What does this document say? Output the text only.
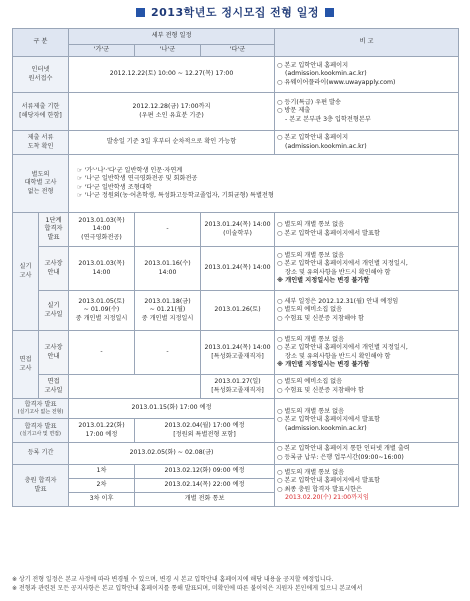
2013학년도 정시모집 전형 일정
구 분		세부 전형 일정			비 고
		'가'군	'나'군	'다'군	
인터넷
원서접수		2012.12.22(토) 10:00 ~ 12.27(목) 17:00			○ 본교 입학안내 홈페이지
(admission.kookmin.ac.kr)
○ 유웨이어플라이(www.uwayapply.com)

서류제출 기한
[해당자에 한함]		2012.12.28(금) 17:00까지
(우편 소인 유효분 기준)			○ 등기(특급) 우편 발송
○ 방문 제출
- 본교 본부관 3층 입학전형본부

제출 서류
도착 확인		발송일 기준 3일 후부터 순차적으로 확인 가능함			○ 본교 입학안내 홈페이지
(admission.kookmin.ac.kr)

별도의
대학별 고사
없는 전형		☞ '가'·'나'·'다'군 일반학생 인문·자연계
☞ '나'군 일반학생 연극영화전공 및 회화전공
☞ '다'군 일반학생 조형대학
☞ '나'군 정원외(농·어촌학생, 특성화고등학교졸업자, 기회균형) 특별전형			

실기
고사	1단계
합격자
발표	2013.01.03(목) 14:00
(연극영화전공)	-	2013.01.24(목) 14:00
(미술학부)	○ 별도의 개별 통보 없음
○ 본교 입학안내 홈페이지에서 발표함

	고사장
안내	2013.01.03(목) 14:00	2013.01.16(수) 14:00	2013.01.24(목) 14:00	○ 별도의 개별 통보 없음
○ 본교 입학안내 홈페이지에서 개인별 지정일시,
장소 및 유의사항을 반드시 확인해야 함
※ 개인별 지정일시는 변경 불가함

	실기
고사일	2013.01.05(토)
~ 01.09(수)
중 개인별 지정일시	2013.01.18(금)
~ 01.21(월)
중 개인별 지정일시	2013.01.26(토)	○ 세부 일정은 2012.12.31(월) 안내 예정임
○ 별도의 예비소집 없음
○ 수험표 및 신분증 지참해야 함

면접
고사	고사장
안내	-	-	2013.01.24(목) 14:00
[특성화고졸재직자]	○ 별도의 개별 통보 없음
○ 본교 입학안내 홈페이지에서 개인별 지정일시,
장소 및 유의사항을 반드시 확인해야 함
※ 개인별 지정일시는 변경 불가함

	면접
고사일			2013.01.27(일)
[특성화고졸재직자]	○ 별도의 예비소집 없음
○ 수험표 및 신분증 지참해야 함

합격자 발표
(실기고사 없는 전형)		2013.01.15(화) 17:00 예정			○ 별도의 개별 통보 없음
○ 본교 입학안내 홈페이지에서 발표함
(admission.kookmin.ac.kr)

합격자 발표
(실기고사 및 면접)		2013.01.22(화)
17:00 예정	2013.02.04(월) 17:00 예정
[정원외 특별전형 포함]		

등록 기간		2013.02.05(화) ~ 02.08(금)			○ 본교 입학안내 홈페이지 통한 인터넷 개별 출력
○ 등록금 납부: 은행 업무시간(09:00~16:00)

충원 합격자
발표		1차	2013.02.12(화) 09:00 예정		○ 별도의 개별 통보 없음
○ 본교 입학안내 홈페이지에서 발표함
○ 최종 충원 합격자 발표시한은
2013.02.20(수) 21:00까지임

		2차	2013.02.14(목) 22:00 예정		
		3차 이후	개별 전화 통보		
※ 상기 전형 일정은 본교 사정에 따라 변경될 수 있으며, 변경 시 본교 입학안내 홈페이지에 해당 내용을 공지할 예정입니다.
※ 전형과 관련된 모든 공지사항은 본교 입학안내 홈페이지를 통해 발표되며, 미확인에 따른 불이익은 지원자 본인에게 있으니 본교에서
